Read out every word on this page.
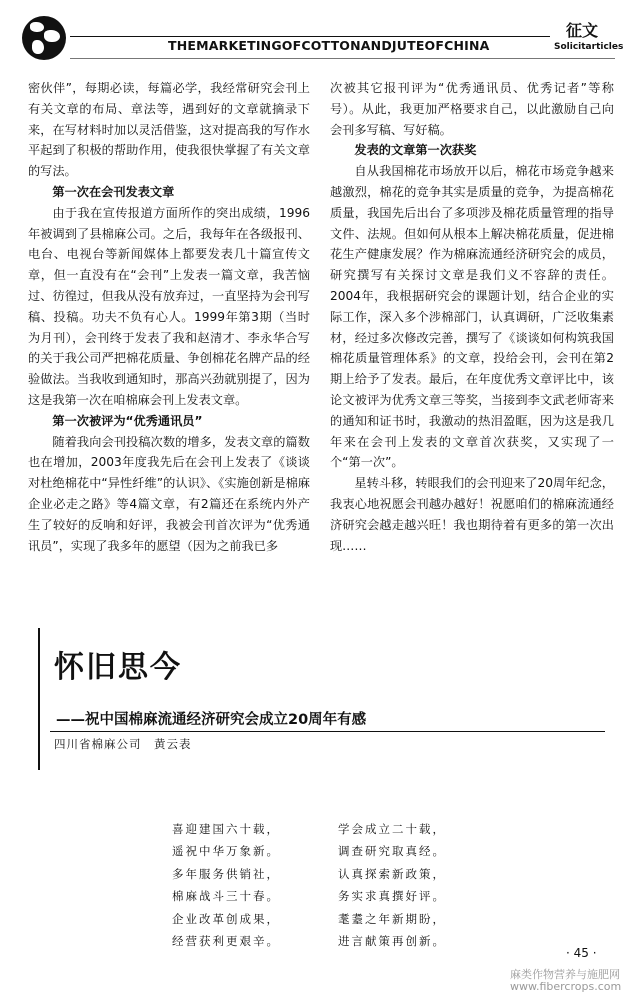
THEMARKETINGOFCOTTONANDJUTEOFCHINA
征文
Solicitarticles

密伙伴”，每期必读，每篇必学，我经常研究会刊上有关文章的布局、章法等，遇到好的文章就摘录下来，在写材料时加以灵活借鉴，这对提高我的写作水平起到了积极的帮助作用，使我很快掌握了有关文章的写法。

第一次在会刊发表文章

由于我在宣传报道方面所作的突出成绩，1996年被调到了县棉麻公司。之后，我每年在各级报刊、电台、电视台等新闻媒体上都要发表几十篇宣传文章，但一直没有在“会刊”上发表一篇文章，我苦恼过、彷徨过，但我从没有放弃过，一直坚持为会刊写稿、投稿。功夫不负有心人。1999年第3期（当时为月刊），会刊终于发表了我和赵清才、李永华合写的关于我公司严把棉花质量、争创棉花名牌产品的经验做法。当我收到通知时，那高兴劲就别提了，因为这是我第一次在咱棉麻会刊上发表文章。

第一次被评为“优秀通讯员”

随着我向会刊投稿次数的增多，发表文章的篇数也在增加，2003年度我先后在会刊上发表了《谈谈对杜绝棉花中“异性纤维”的认识》、《实施创新是棉麻企业必走之路》等4篇文章，有2篇还在系统内外产生了较好的反响和好评，我被会刊首次评为“优秀通讯员”，实现了我多年的愿望（因为之前我已多

次被其它报刊评为“优秀通讯员、优秀记者”等称号）。从此，我更加严格要求自己，以此激励自己向会刊多写稿、写好稿。

发表的文章第一次获奖

自从我国棉花市场放开以后，棉花市场竞争越来越激烈，棉花的竞争其实是质量的竞争，为提高棉花质量，我国先后出台了多项涉及棉花质量管理的指导文件、法规。但如何从根本上解决棉花质量，促进棉花生产健康发展？作为棉麻流通经济研究会的成员，研究撰写有关探讨文章是我们义不容辞的责任。2004年，我根据研究会的课题计划，结合企业的实际工作，深入多个涉棉部门，认真调研，广泛收集素材，经过多次修改完善，撰写了《谈谈如何构筑我国棉花质量管理体系》的文章，投给会刊，会刊在第2期上给予了发表。最后，在年度优秀文章评比中，该论文被评为优秀文章三等奖，当接到李文武老师寄来的通知和证书时，我激动的热泪盈眶，因为这是我几年来在会刊上发表的文章首次获奖，又实现了一个“第一次”。

星转斗移，转眼我们的会刊迎来了20周年纪念，我衷心地祝愿会刊越办越好！祝愿咱们的棉麻流通经济研究会越走越兴旺！我也期待着有更多的第一次出现……

怀旧思今
——祝中国棉麻流通经济研究会成立20周年有感
四川省棉麻公司　黄云表
喜迎建国六十载，
遥祝中华万象新。
多年服务供销社，
棉麻战斗三十春。
企业改革创成果，
经营获利更艰辛。
学会成立二十载，
调查研究取真经。
认真探索新政策，
务实求真撰好评。
耄耋之年新期盼，
进言献策再创新。
· 45 ·
麻类作物营养与施肥网
www.fibercrops.com
